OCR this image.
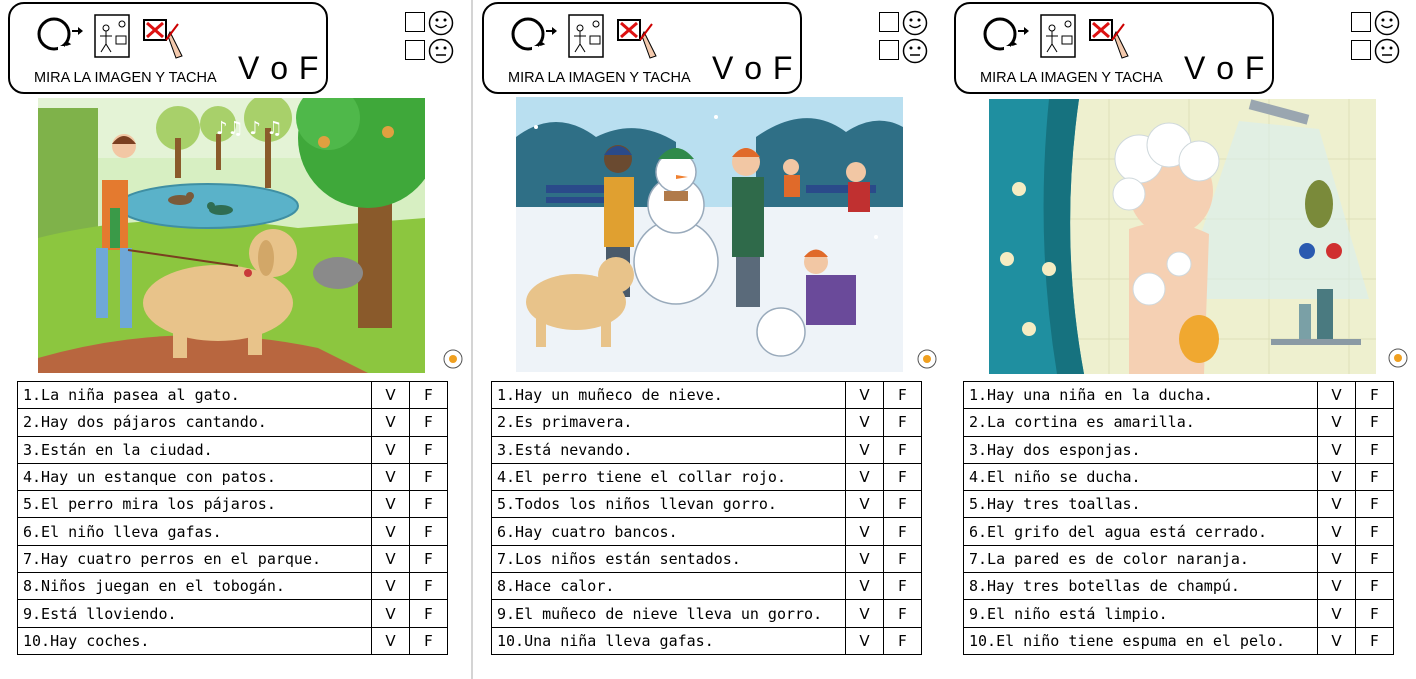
MIRA LA IMAGEN Y TACHA V o F
♪♫ ♪ ♫
1.La niña pasea al gato.	V	F
2.Hay dos pájaros cantando.	V	F
3.Están en la ciudad.	V	F
4.Hay un estanque con patos.	V	F
5.El perro mira los pájaros.	V	F
6.El niño lleva gafas.	V	F
7.Hay cuatro perros en el parque.	V	F
8.Niños juegan en el tobogán.	V	F
9.Está lloviendo.	V	F
10.Hay coches.	V	F
MIRA LA IMAGEN Y TACHA V o F
1.Hay un muñeco de nieve.	V	F
2.Es primavera.	V	F
3.Está nevando.	V	F
4.El perro tiene el collar rojo.	V	F
5.Todos los niños llevan gorro.	V	F
6.Hay cuatro bancos.	V	F
7.Los niños están sentados.	V	F
8.Hace calor.	V	F
9.El muñeco de nieve lleva un gorro.	V	F
10.Una niña lleva gafas.	V	F
MIRA LA IMAGEN Y TACHA V o F
1.Hay una niña en la ducha.	V	F
2.La cortina es amarilla.	V	F
3.Hay dos esponjas.	V	F
4.El niño se ducha.	V	F
5.Hay tres toallas.	V	F
6.El grifo del agua está cerrado.	V	F
7.La pared es de color naranja.	V	F
8.Hay tres botellas de champú.	V	F
9.El niño está limpio.	V	F
10.El niño tiene espuma en el pelo.	V	F
